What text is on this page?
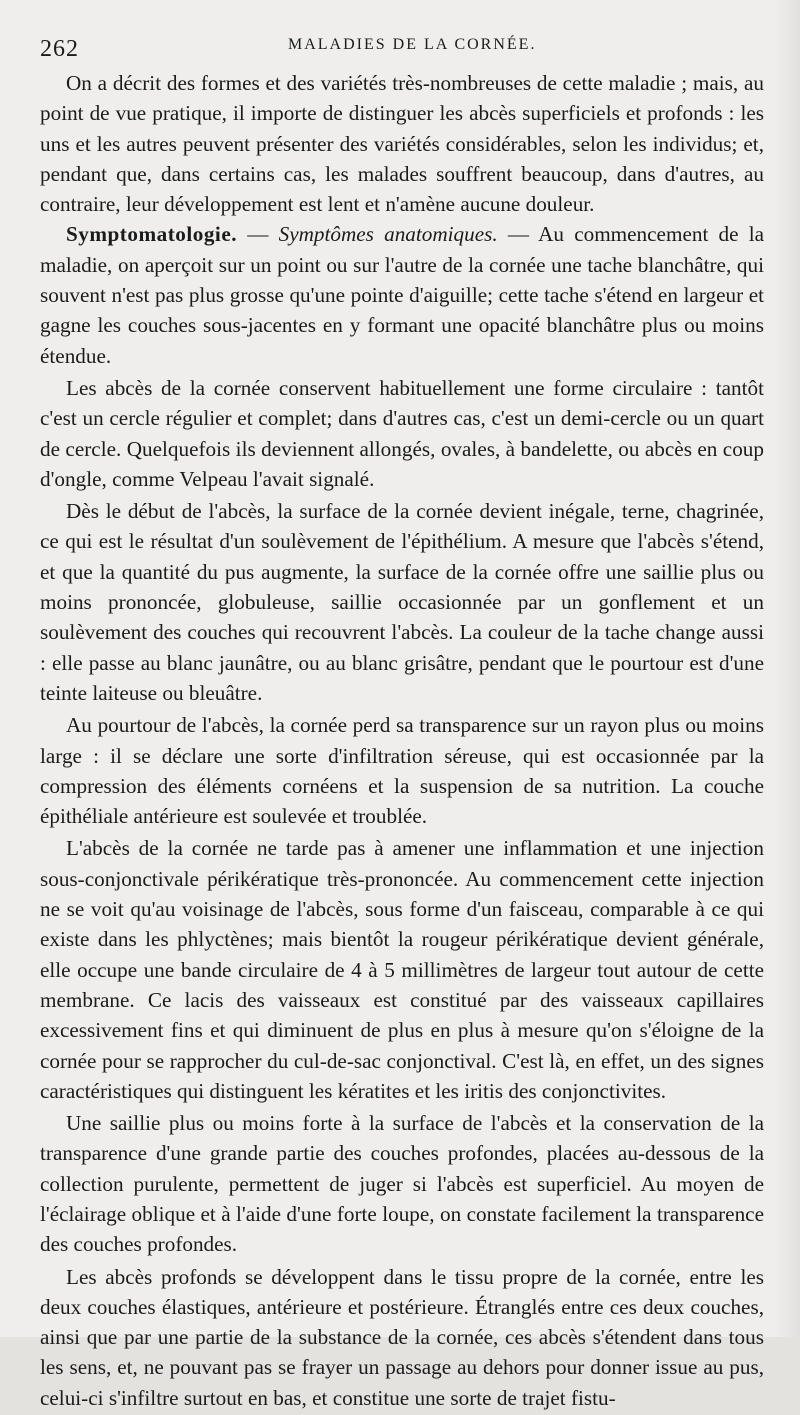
262	MALADIES DE LA CORNÉE.

On a décrit des formes et des variétés très-nombreuses de cette maladie ; mais, au point de vue pratique, il importe de distinguer les abcès superficiels et profonds : les uns et les autres peuvent présenter des variétés considérables, selon les individus; et, pendant que, dans certains cas, les malades souffrent beaucoup, dans d'autres, au contraire, leur développement est lent et n'amène aucune douleur.

Symptomatologie. — Symptômes anatomiques. — Au commencement de la maladie, on aperçoit sur un point ou sur l'autre de la cornée une tache blanchâtre, qui souvent n'est pas plus grosse qu'une pointe d'aiguille; cette tache s'étend en largeur et gagne les couches sous-jacentes en y formant une opacité blanchâtre plus ou moins étendue.

Les abcès de la cornée conservent habituellement une forme circulaire : tantôt c'est un cercle régulier et complet; dans d'autres cas, c'est un demi-cercle ou un quart de cercle. Quelquefois ils deviennent allongés, ovales, à bandelette, ou abcès en coup d'ongle, comme Velpeau l'avait signalé.

Dès le début de l'abcès, la surface de la cornée devient inégale, terne, chagrinée, ce qui est le résultat d'un soulèvement de l'épithélium. A mesure que l'abcès s'étend, et que la quantité du pus augmente, la surface de la cornée offre une saillie plus ou moins prononcée, globuleuse, saillie occasionnée par un gonflement et un soulèvement des couches qui recouvrent l'abcès. La couleur de la tache change aussi : elle passe au blanc jaunâtre, ou au blanc grisâtre, pendant que le pourtour est d'une teinte laiteuse ou bleuâtre.

Au pourtour de l'abcès, la cornée perd sa transparence sur un rayon plus ou moins large : il se déclare une sorte d'infiltration séreuse, qui est occasionnée par la compression des éléments cornéens et la suspension de sa nutrition. La couche épithéliale antérieure est soulevée et troublée.

L'abcès de la cornée ne tarde pas à amener une inflammation et une injection sous-conjonctivale périkératique très-prononcée. Au commencement cette injection ne se voit qu'au voisinage de l'abcès, sous forme d'un faisceau, comparable à ce qui existe dans les phlyctènes; mais bientôt la rougeur périkératique devient générale, elle occupe une bande circulaire de 4 à 5 millimètres de largeur tout autour de cette membrane. Ce lacis des vaisseaux est constitué par des vaisseaux capillaires excessivement fins et qui diminuent de plus en plus à mesure qu'on s'éloigne de la cornée pour se rapprocher du cul-de-sac conjonctival. C'est là, en effet, un des signes caractéristiques qui distinguent les kératites et les iritis des conjonctivites.

Une saillie plus ou moins forte à la surface de l'abcès et la conservation de la transparence d'une grande partie des couches profondes, placées au-dessous de la collection purulente, permettent de juger si l'abcès est superficiel. Au moyen de l'éclairage oblique et à l'aide d'une forte loupe, on constate facilement la transparence des couches profondes.

Les abcès profonds se développent dans le tissu propre de la cornée, entre les deux couches élastiques, antérieure et postérieure. Étranglés entre ces deux couches, ainsi que par une partie de la substance de la cornée, ces abcès s'étendent dans tous les sens, et, ne pouvant pas se frayer un passage au dehors pour donner issue au pus, celui-ci s'infiltre surtout en bas, et constitue une sorte de trajet fistu-
